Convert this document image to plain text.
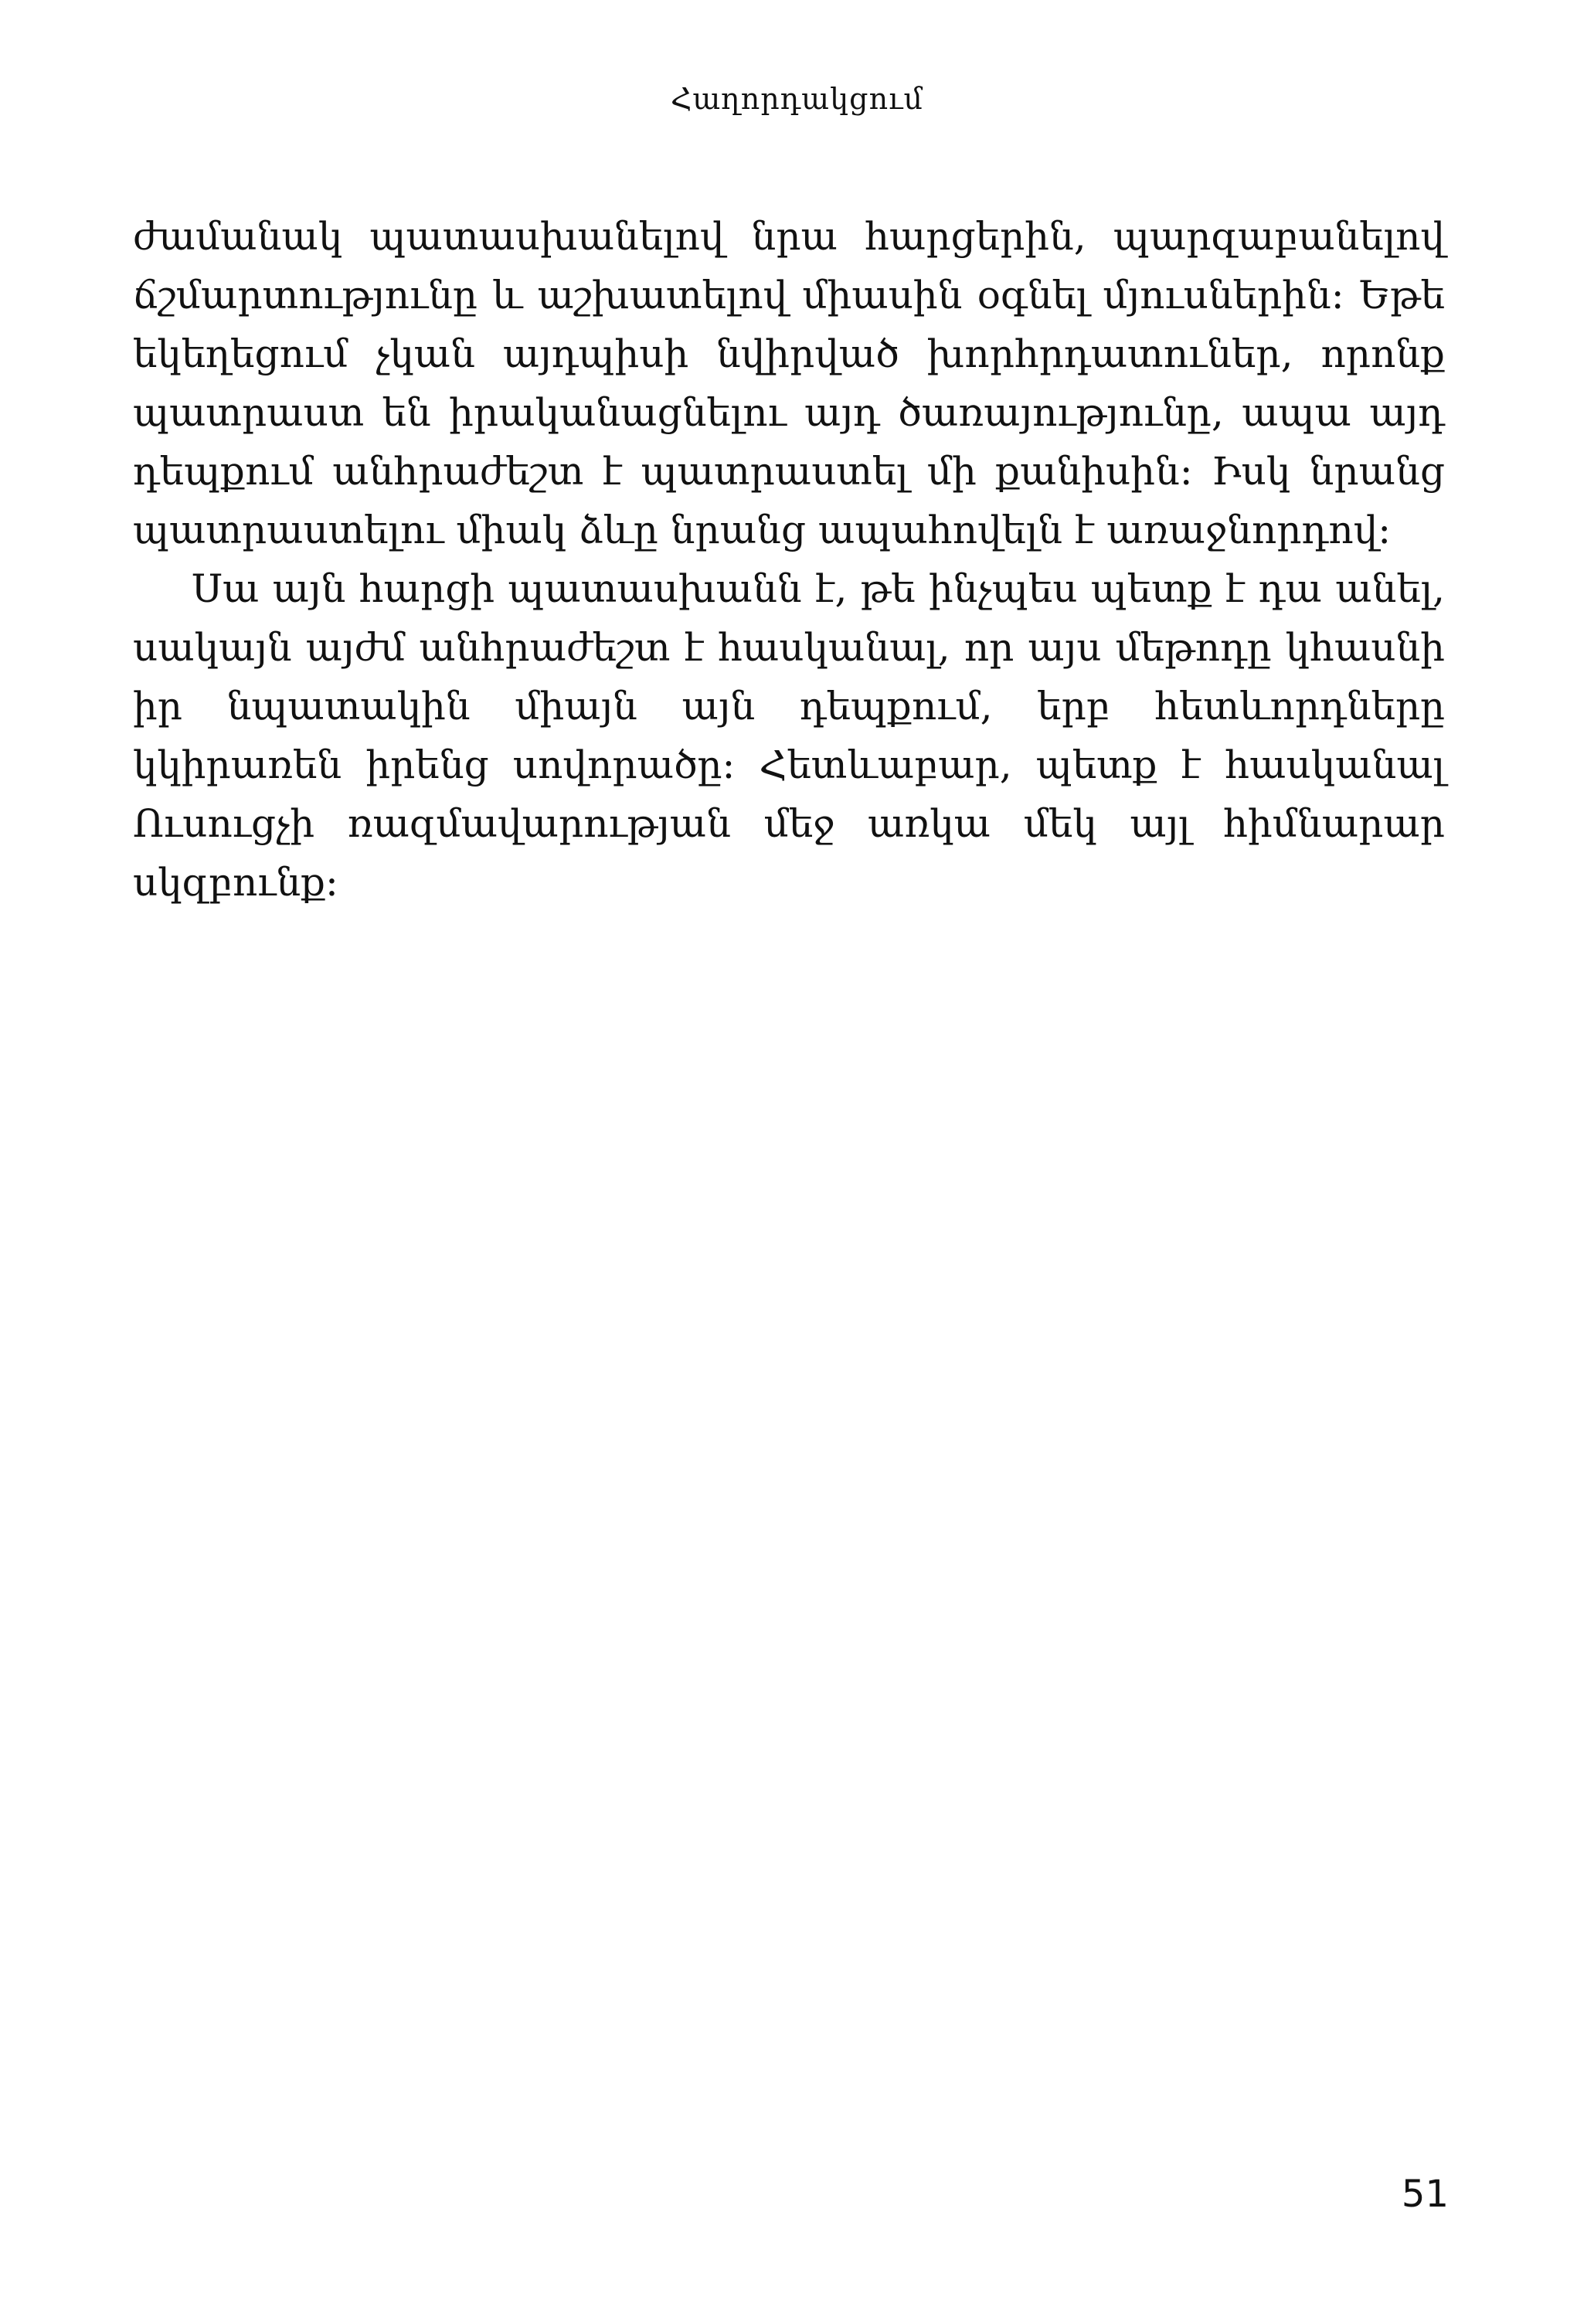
Հաղորդակցում

ժամանակ պատասխանելով նրա հարցերին, պարզաբանելով ճշմարտությունը և աշխատելով միասին օգնել մյուսներին: Եթե եկեղեցում չկան այդպիսի նվիրված խորհրդատուներ, որոնք պատրաստ են իրականացնելու այդ ծառայությունը, ապա այդ դեպքում անհրաժեշտ է պատրաստել մի քանիսին: Իսկ նրանց պատրաստելու միակ ձևը նրանց ապահովելն է առաջնորդով:

Սա այն հարցի պատասխանն է, թե ինչպես պետք է դա անել, սակայն այժմ անհրաժեշտ է հասկանալ, որ այս մեթոդը կհասնի իր նպատակին միայն այն դեպքում, երբ հետևորդները կկիրառեն իրենց սովորածը: Հետևաբար, պետք է հասկանալ Ուսուցչի ռազմավարության մեջ առկա մեկ այլ հիմնարար սկզբունք:

51
